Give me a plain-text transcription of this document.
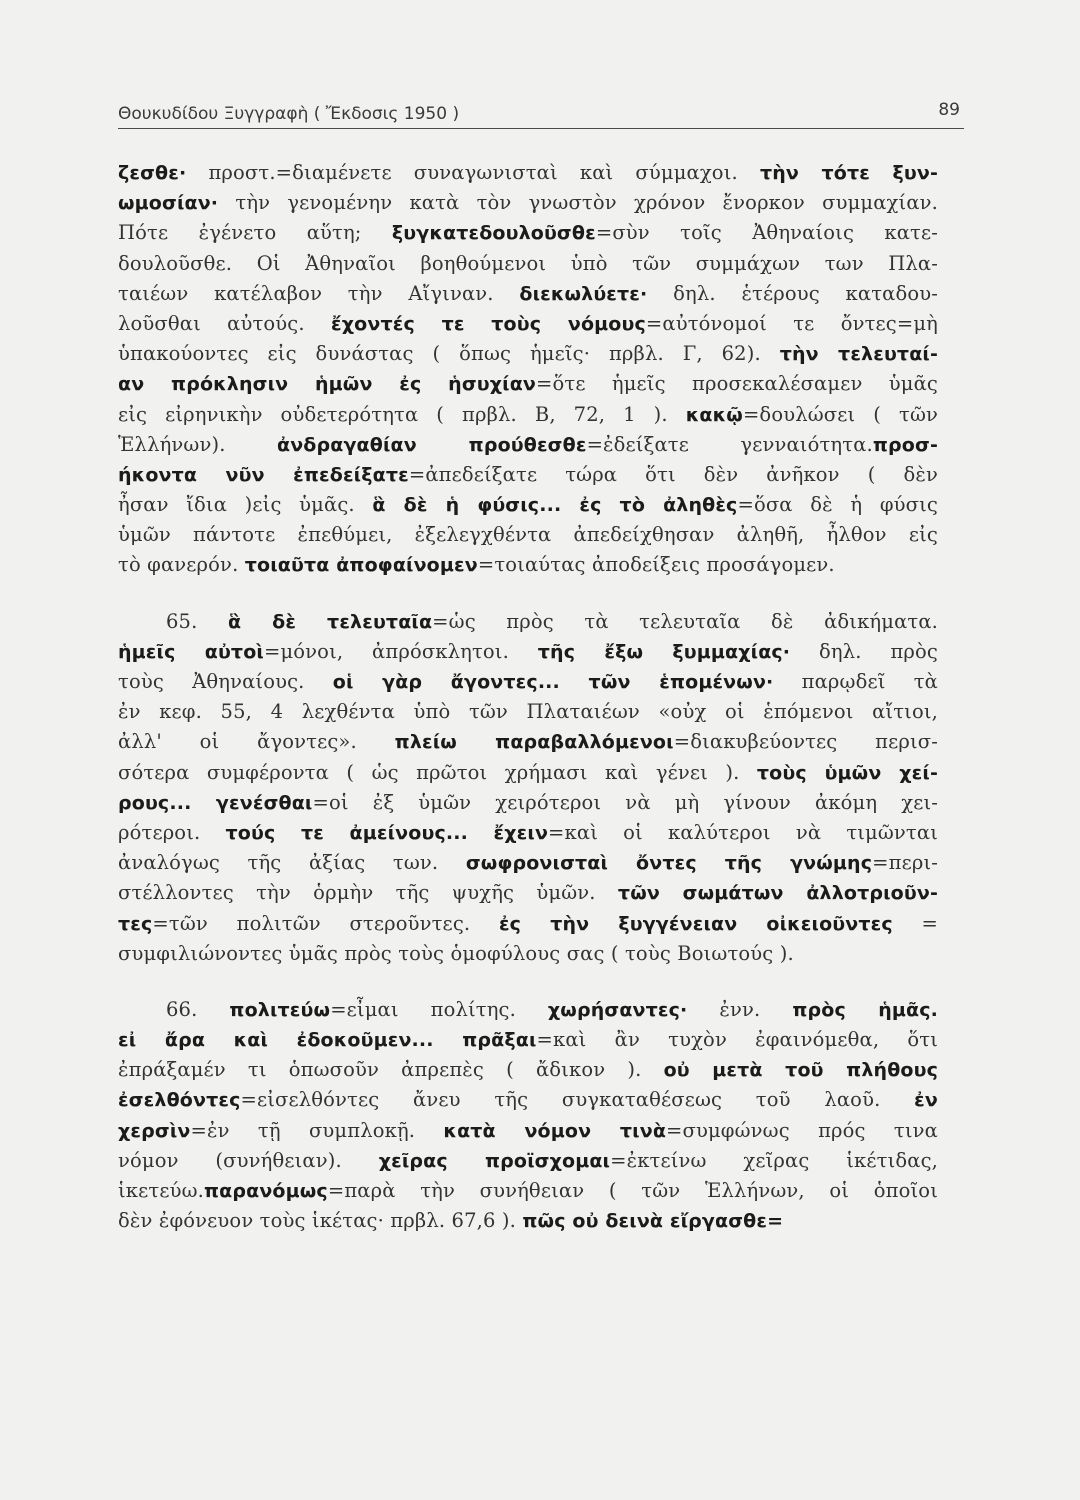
Θουκυδίδου Ξυγγραφὴ ( Ἔκδοσις 1950 )	89
ζεσθε· προστ.=διαμένετε συναγωνισταὶ καὶ σύμμαχοι. τὴν τότε ξυν-
ωμοσίαν· τὴν γενομένην κατὰ τὸν γνωστὸν χρόνον ἔνορκον συμμαχίαν.
Πότε ἐγένετο αὕτη; ξυγκατεδουλοῦσθε=σὺν τοῖς Ἀθηναίοις κατε-
δουλοῦσθε. Οἱ Ἀθηναῖοι βοηθούμενοι ὑπὸ τῶν συμμάχων των Πλα-
ταιέων κατέλαβον τὴν Αἴγιναν. διεκωλύετε· δηλ. ἑτέρους καταδου-
λοῦσθαι αὐτούς. ἔχοντές τε τοὺς νόμους=αὐτόνομοί τε ὄντες=μὴ
ὑπακούοντες εἰς δυνάστας ( ὅπως ἡμεῖς· πρβλ. Γ, 62). τὴν τελευταί-
αν πρόκλησιν ἡμῶν ἐς ἡσυχίαν=ὅτε ἡμεῖς προσεκαλέσαμεν ὑμᾶς
εἰς εἰρηνικὴν οὐδετερότητα ( πρβλ. Β, 72, 1 ). κακῷ=δουλώσει ( τῶν
Ἑλλήνων). ἀνδραγαθίαν προύθεσθε=ἐδείξατε γενναιότητα.προσ-
ήκοντα νῦν ἐπεδείξατε=ἀπεδείξατε τώρα ὅτι δὲν ἀνῆκον ( δὲν
ἦσαν ἴδια )εἰς ὑμᾶς. ἃ δὲ ἡ φύσις... ἐς τὸ ἀληθὲς=ὅσα δὲ ἡ φύσις
ὑμῶν πάντοτε ἐπεθύμει, ἐξελεγχθέντα ἀπεδείχθησαν ἀληθῆ, ἦλθον εἰς
τὸ φανερόν. τοιαῦτα ἀποφαίνομεν=τοιαύτας ἀποδείξεις προσάγομεν.
65. ἃ δὲ τελευταῖα=ὡς πρὸς τὰ τελευταῖα δὲ ἀδικήματα.
ἡμεῖς αὐτοὶ=μόνοι, ἀπρόσκλητοι. τῆς ἔξω ξυμμαχίας· δηλ. πρὸς
τοὺς Ἀθηναίους. οἱ γὰρ ἄγοντες... τῶν ἑπομένων· παρῳδεῖ τὰ
ἐν κεφ. 55, 4 λεχθέντα ὑπὸ τῶν Πλαταιέων «οὐχ οἱ ἑπόμενοι αἴτιοι,
ἀλλ' οἱ ἄγοντες». πλείω παραβαλλόμενοι=διακυβεύοντες περισ-
σότερα συμφέροντα ( ὡς πρῶτοι χρήμασι καὶ γένει ). τοὺς ὑμῶν χεί-
ρους... γενέσθαι=οἱ ἐξ ὑμῶν χειρότεροι νὰ μὴ γίνουν ἀκόμη χει-
ρότεροι. τούς τε ἀμείνους... ἔχειν=καὶ οἱ καλύτεροι νὰ τιμῶνται
ἀναλόγως τῆς ἀξίας των. σωφρονισταὶ ὄντες τῆς γνώμης=περι-
στέλλοντες τὴν ὁρμὴν τῆς ψυχῆς ὑμῶν. τῶν σωμάτων ἀλλοτριοῦν-
τες=τῶν πολιτῶν στεροῦντες. ἐς τὴν ξυγγένειαν οἰκειοῦντες =
συμφιλιώνοντες ὑμᾶς πρὸς τοὺς ὁμοφύλους σας ( τοὺς Βοιωτούς ).
66. πολιτεύω=εἶμαι πολίτης. χωρήσαντες· ἐνν. πρὸς ἡμᾶς.
εἰ ἄρα καὶ ἐδοκοῦμεν... πρᾶξαι=καὶ ἂν τυχὸν ἐφαινόμεθα, ὅτι
ἐπράξαμέν τι ὁπωσοῦν ἀπρεπὲς ( ἄδικον ). οὐ μετὰ τοῦ πλήθους
ἐσελθόντες=εἰσελθόντες ἄνευ τῆς συγκαταθέσεως τοῦ λαοῦ. ἐν
χερσὶν=ἐν τῇ συμπλοκῇ. κατὰ νόμον τινὰ=συμφώνως πρός τινα
νόμον (συνήθειαν). χεῖρας προϊσχομαι=ἐκτείνω χεῖρας ἱκέτιδας,
ἱκετεύω.παρανόμως=παρὰ τὴν συνήθειαν ( τῶν Ἑλλήνων, οἱ ὁποῖοι
δὲν ἐφόνευον τοὺς ἱκέτας· πρβλ. 67,6 ). πῶς οὐ δεινὰ εἴργασθε=
